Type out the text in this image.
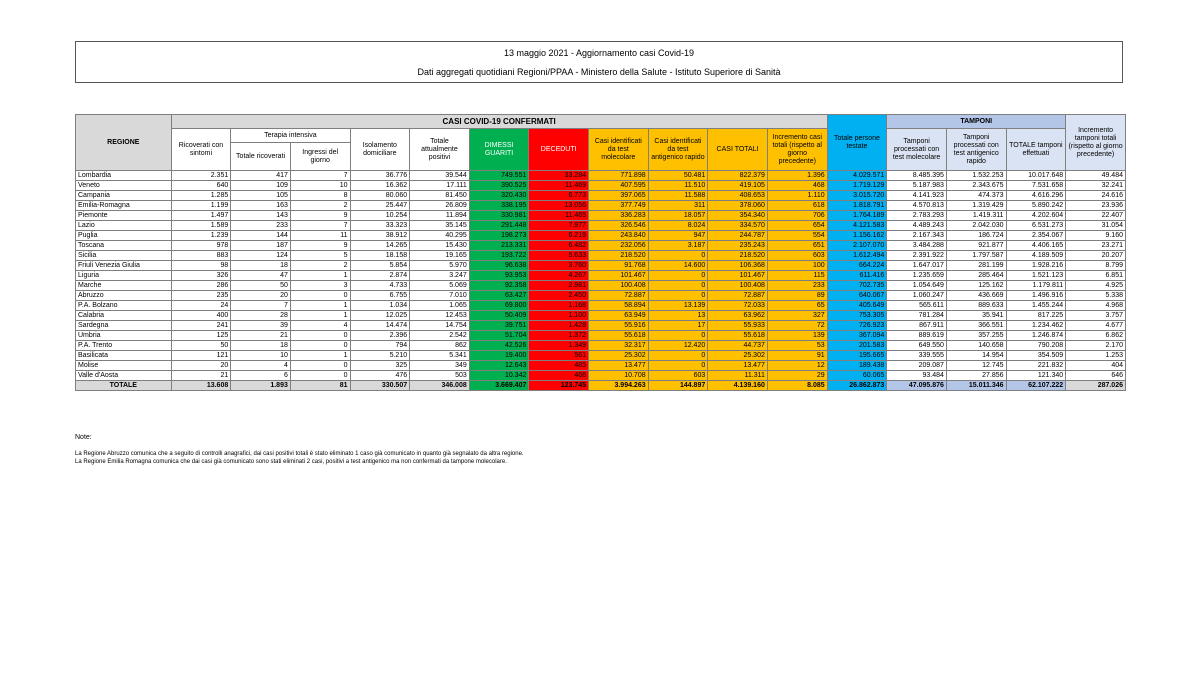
13 maggio 2021 - Aggiornamento casi Covid-19
Dati aggregati quotidiani Regioni/PPAA - Ministero della Salute - Istituto Superiore di Sanità
REGIONE	CASI COVID-19 CONFERMATI											Totale persone testate	TAMPONI			Incremento tamponi totali (rispetto al giorno precedente)
	Ricoverati con sintomi	Terapia intensiva		Isolamento domiciliare	Totale attualmente positivi	DIMESSI GUARITI	DECEDUTI	Casi identificati da test molecolare	Casi identificati da test antigenico rapido	CASI TOTALI	Incremento casi totali (rispetto al giorno precedente)		Tamponi processati con test molecolare	Tamponi processati con test antigenico rapido	TOTALE tamponi effettuati	
		Totale ricoverati	Ingressi del giorno													
Lombardia	2.351	417	7	36.776	39.544	749.551	33.284	771.898	50.481	822.379	1.396	4.029.571	8.485.395	1.532.253	10.017.648	49.484
Veneto	640	109	10	16.362	17.111	390.525	11.469	407.595	11.510	419.105	468	1.719.129	5.187.983	2.343.675	7.531.658	32.241
Campania	1.285	105	8	80.060	81.450	320.430	6.773	397.065	11.588	408.653	1.110	3.015.720	4.141.923	474.373	4.616.296	24.616
Emilia-Romagna	1.199	163	2	25.447	26.809	338.195	13.056	377.749	311	378.060	618	1.818.791	4.570.813	1.319.429	5.890.242	23.936
Piemonte	1.497	143	9	10.254	11.894	330.981	11.465	336.283	18.057	354.340	706	1.764.189	2.783.293	1.419.311	4.202.604	22.407
Lazio	1.589	233	7	33.323	35.145	291.448	7.977	326.546	8.024	334.570	654	4.121.583	4.489.243	2.042.030	6.531.273	31.054
Puglia	1.239	144	11	38.912	40.295	198.273	6.219	243.840	947	244.787	554	1.156.162	2.167.343	186.724	2.354.067	9.160
Toscana	978	187	9	14.265	15.430	213.331	6.482	232.056	3.187	235.243	651	2.107.070	3.484.288	921.877	4.406.165	23.271
Sicilia	883	124	5	18.158	19.165	193.722	5.633	218.520	0	218.520	603	1.612.494	2.391.922	1.797.587	4.189.509	20.207
Friuli Venezia Giulia	98	18	2	5.854	5.970	96.638	3.760	91.768	14.600	106.368	100	664.224	1.647.017	281.199	1.928.216	8.799
Liguria	326	47	1	2.874	3.247	93.953	4.267	101.467	0	101.467	115	611.416	1.235.659	285.464	1.521.123	6.851
Marche	286	50	3	4.733	5.069	92.358	2.981	100.408	0	100.408	233	702.735	1.054.649	125.162	1.179.811	4.925
Abruzzo	235	20	0	6.755	7.010	63.427	2.450	72.887	0	72.887	89	640.067	1.060.247	436.669	1.496.916	5.338
P.A. Bolzano	24	7	1	1.034	1.065	69.800	1.168	58.894	13.139	72.033	65	405.649	565.611	889.633	1.455.244	4.968
Calabria	400	28	1	12.025	12.453	50.409	1.100	63.949	13	63.962	327	753.305	781.284	35.941	817.225	3.757
Sardegna	241	39	4	14.474	14.754	39.751	1.428	55.916	17	55.933	72	726.923	867.911	366.551	1.234.462	4.677
Umbria	125	21	0	2.396	2.542	51.704	1.372	55.618	0	55.618	139	367.094	889.619	357.255	1.246.874	6.862
P.A. Trento	50	18	0	794	862	42.526	1.349	32.317	12.420	44.737	53	201.583	649.550	140.658	790.208	2.170
Basilicata	121	10	1	5.210	5.341	19.400	561	25.302	0	25.302	91	195.665	339.555	14.954	354.509	1.253
Molise	20	4	0	325	349	12.643	485	13.477	0	13.477	12	189.438	209.087	12.745	221.832	404
Valle d'Aosta	21	6	0	476	503	10.342	466	10.708	603	11.311	29	60.065	93.484	27.856	121.340	646
TOTALE	13.608	1.893	81	330.507	346.008	3.669.407	123.745	3.994.263	144.897	4.139.160	8.085	26.862.873	47.095.876	15.011.346	62.107.222	287.026
Note:
La Regione Abruzzo comunica che a seguito di controlli anagrafici, dai casi positivi totali è stato eliminato 1 caso già comunicato in quanto già segnalato da altra regione.
La Regione Emilia Romagna comunica che dai casi già comunicato sono stati eliminati 2 casi, positivi a test antigenico ma non confermati da tampone molecolare.
